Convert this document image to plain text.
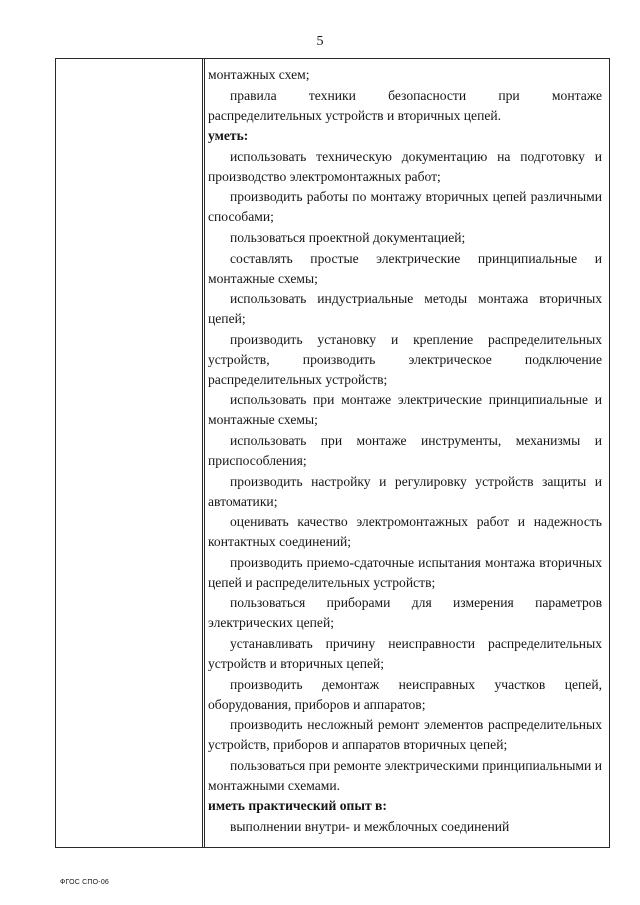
5

монтажных схем;

правила техники безопасности при монтаже распределительных устройств и вторичных цепей.

уметь:

использовать техническую документацию на подготовку и производство электромонтажных работ;

производить работы по монтажу вторичных цепей различными способами;

пользоваться проектной документацией;

составлять простые электрические принципиальные и монтажные схемы;

использовать индустриальные методы монтажа вторичных цепей;

производить установку и крепление распределительных устройств, производить электрическое подключение распределительных устройств;

использовать при монтаже электрические принципиальные и монтажные схемы;

использовать при монтаже инструменты, механизмы и приспособления;

производить настройку и регулировку устройств защиты и автоматики;

оценивать качество электромонтажных работ и надежность контактных соединений;

производить приемо-сдаточные испытания монтажа вторичных цепей и распределительных устройств;

пользоваться приборами для измерения параметров электрических цепей;

устанавливать причину неисправности распределительных устройств и вторичных цепей;

производить демонтаж неисправных участков цепей, оборудования, приборов и аппаратов;

производить несложный ремонт элементов распределительных устройств, приборов и аппаратов вторичных цепей;

пользоваться при ремонте электрическими принципиальными и монтажными схемами.

иметь практический опыт в:

выполнении внутри- и межблочных соединений

ФГОС СПО-06
